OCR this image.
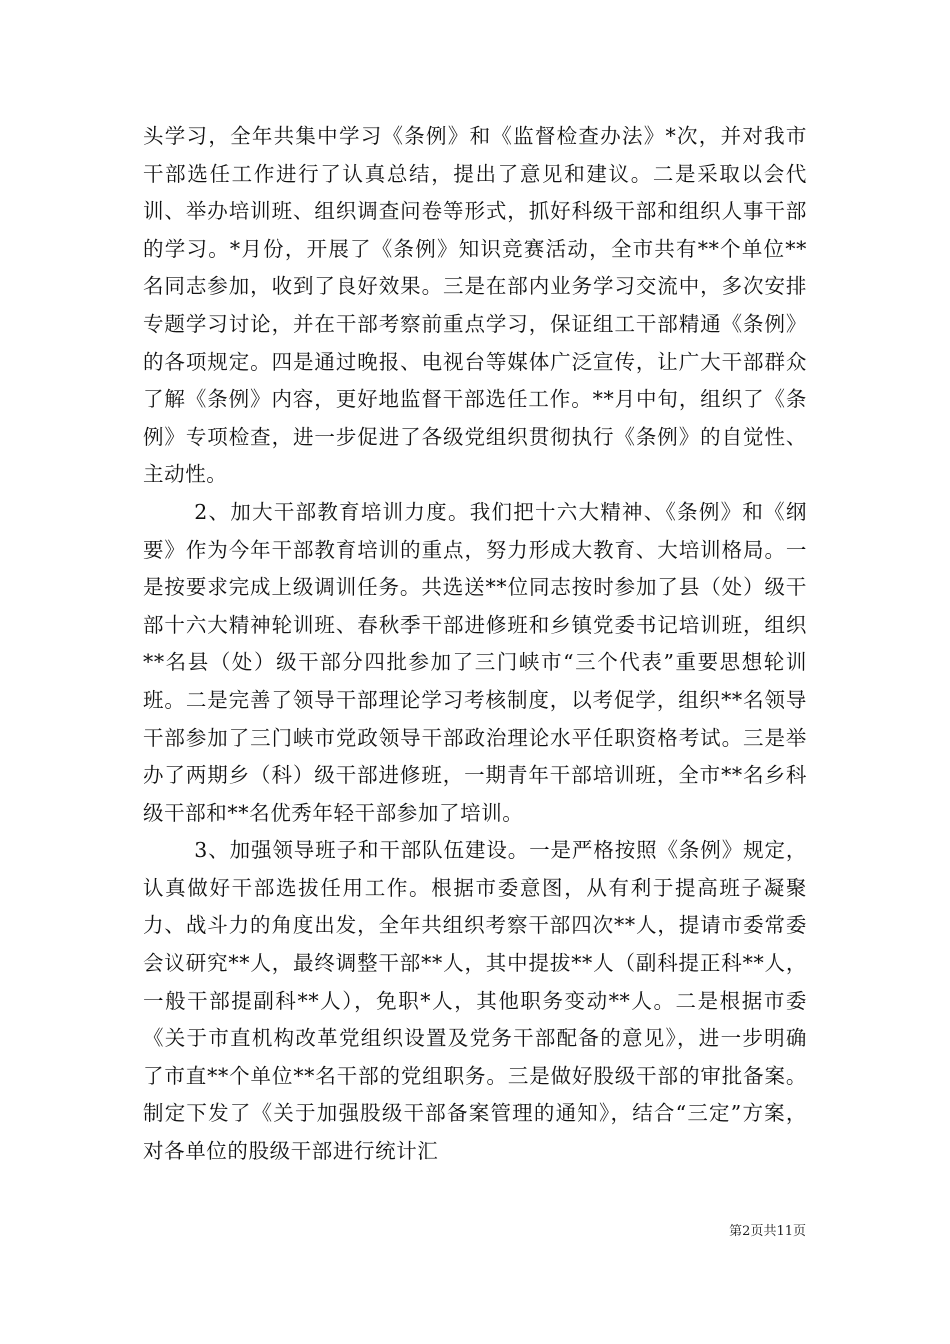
头学习，全年共集中学习《条例》和《监督检查办法》*次，并对我市干部选任工作进行了认真总结，提出了意见和建议。二是采取以会代训、举办培训班、组织调查问卷等形式，抓好科级干部和组织人事干部的学习。*月份，开展了《条例》知识竞赛活动，全市共有**个单位**名同志参加，收到了良好效果。三是在部内业务学习交流中，多次安排专题学习讨论，并在干部考察前重点学习，保证组工干部精通《条例》的各项规定。四是通过晚报、电视台等媒体广泛宣传，让广大干部群众了解《条例》内容，更好地监督干部选任工作。**月中旬，组织了《条例》专项检查，进一步促进了各级党组织贯彻执行《条例》的自觉性、主动性。

2、加大干部教育培训力度。我们把十六大精神、《条例》和《纲要》作为今年干部教育培训的重点，努力形成大教育、大培训格局。一是按要求完成上级调训任务。共选送**位同志按时参加了县（处）级干部十六大精神轮训班、春秋季干部进修班和乡镇党委书记培训班，组织**名县（处）级干部分四批参加了三门峡市“三个代表”重要思想轮训班。二是完善了领导干部理论学习考核制度，以考促学，组织**名领导干部参加了三门峡市党政领导干部政治理论水平任职资格考试。三是举办了两期乡（科）级干部进修班，一期青年干部培训班，全市**名乡科级干部和**名优秀年轻干部参加了培训。

3、加强领导班子和干部队伍建设。一是严格按照《条例》规定，认真做好干部选拔任用工作。根据市委意图，从有利于提高班子凝聚力、战斗力的角度出发，全年共组织考察干部四次**人，提请市委常委会议研究**人，最终调整干部**人，其中提拔**人（副科提正科**人，一般干部提副科**人），免职*人，其他职务变动**人。二是根据市委《关于市直机构改革党组织设置及党务干部配备的意见》，进一步明确了市直**个单位**名干部的党组职务。三是做好股级干部的审批备案。制定下发了《关于加强股级干部备案管理的通知》，结合“三定”方案，对各单位的股级干部进行统计汇

第2页共11页
